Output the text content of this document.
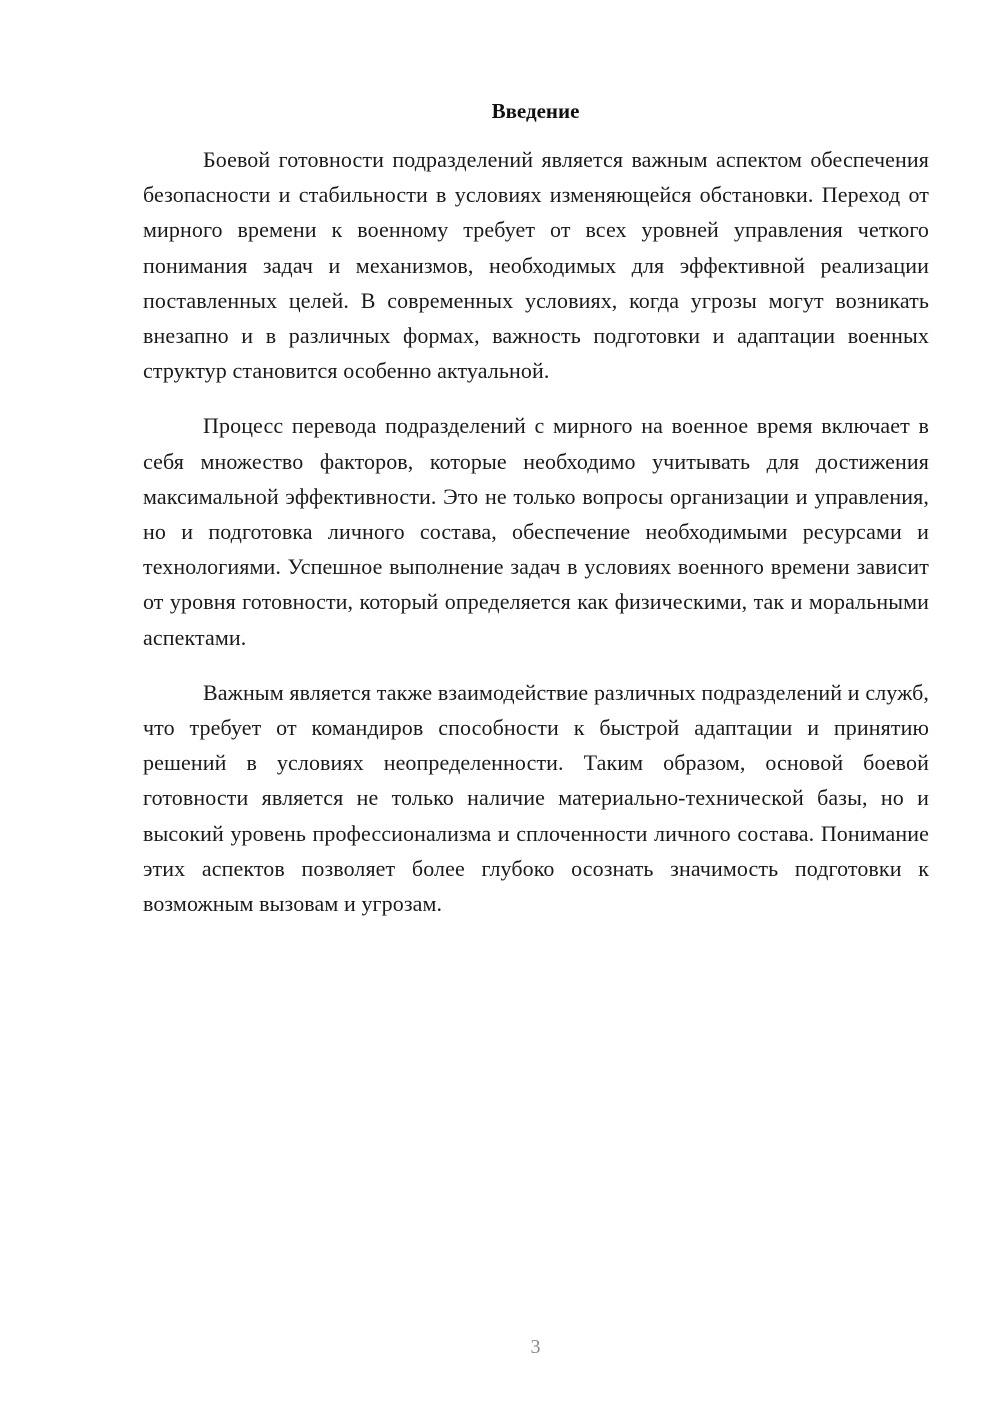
Введение

Боевой готовности подразделений является важным аспектом обеспечения безопасности и стабильности в условиях изменяющейся обстановки. Переход от мирного времени к военному требует от всех уровней управления четкого понимания задач и механизмов, необходимых для эффективной реализации поставленных целей. В современных условиях, когда угрозы могут возникать внезапно и в различных формах, важность подготовки и адаптации военных структур становится особенно актуальной.

Процесс перевода подразделений с мирного на военное время включает в себя множество факторов, которые необходимо учитывать для достижения максимальной эффективности. Это не только вопросы организации и управления, но и подготовка личного состава, обеспечение необходимыми ресурсами и технологиями. Успешное выполнение задач в условиях военного времени зависит от уровня готовности, который определяется как физическими, так и моральными аспектами.

Важным является также взаимодействие различных подразделений и служб, что требует от командиров способности к быстрой адаптации и принятию решений в условиях неопределенности. Таким образом, основой боевой готовности является не только наличие материально-технической базы, но и высокий уровень профессионализма и сплоченности личного состава. Понимание этих аспектов позволяет более глубоко осознать значимость подготовки к возможным вызовам и угрозам.

3
